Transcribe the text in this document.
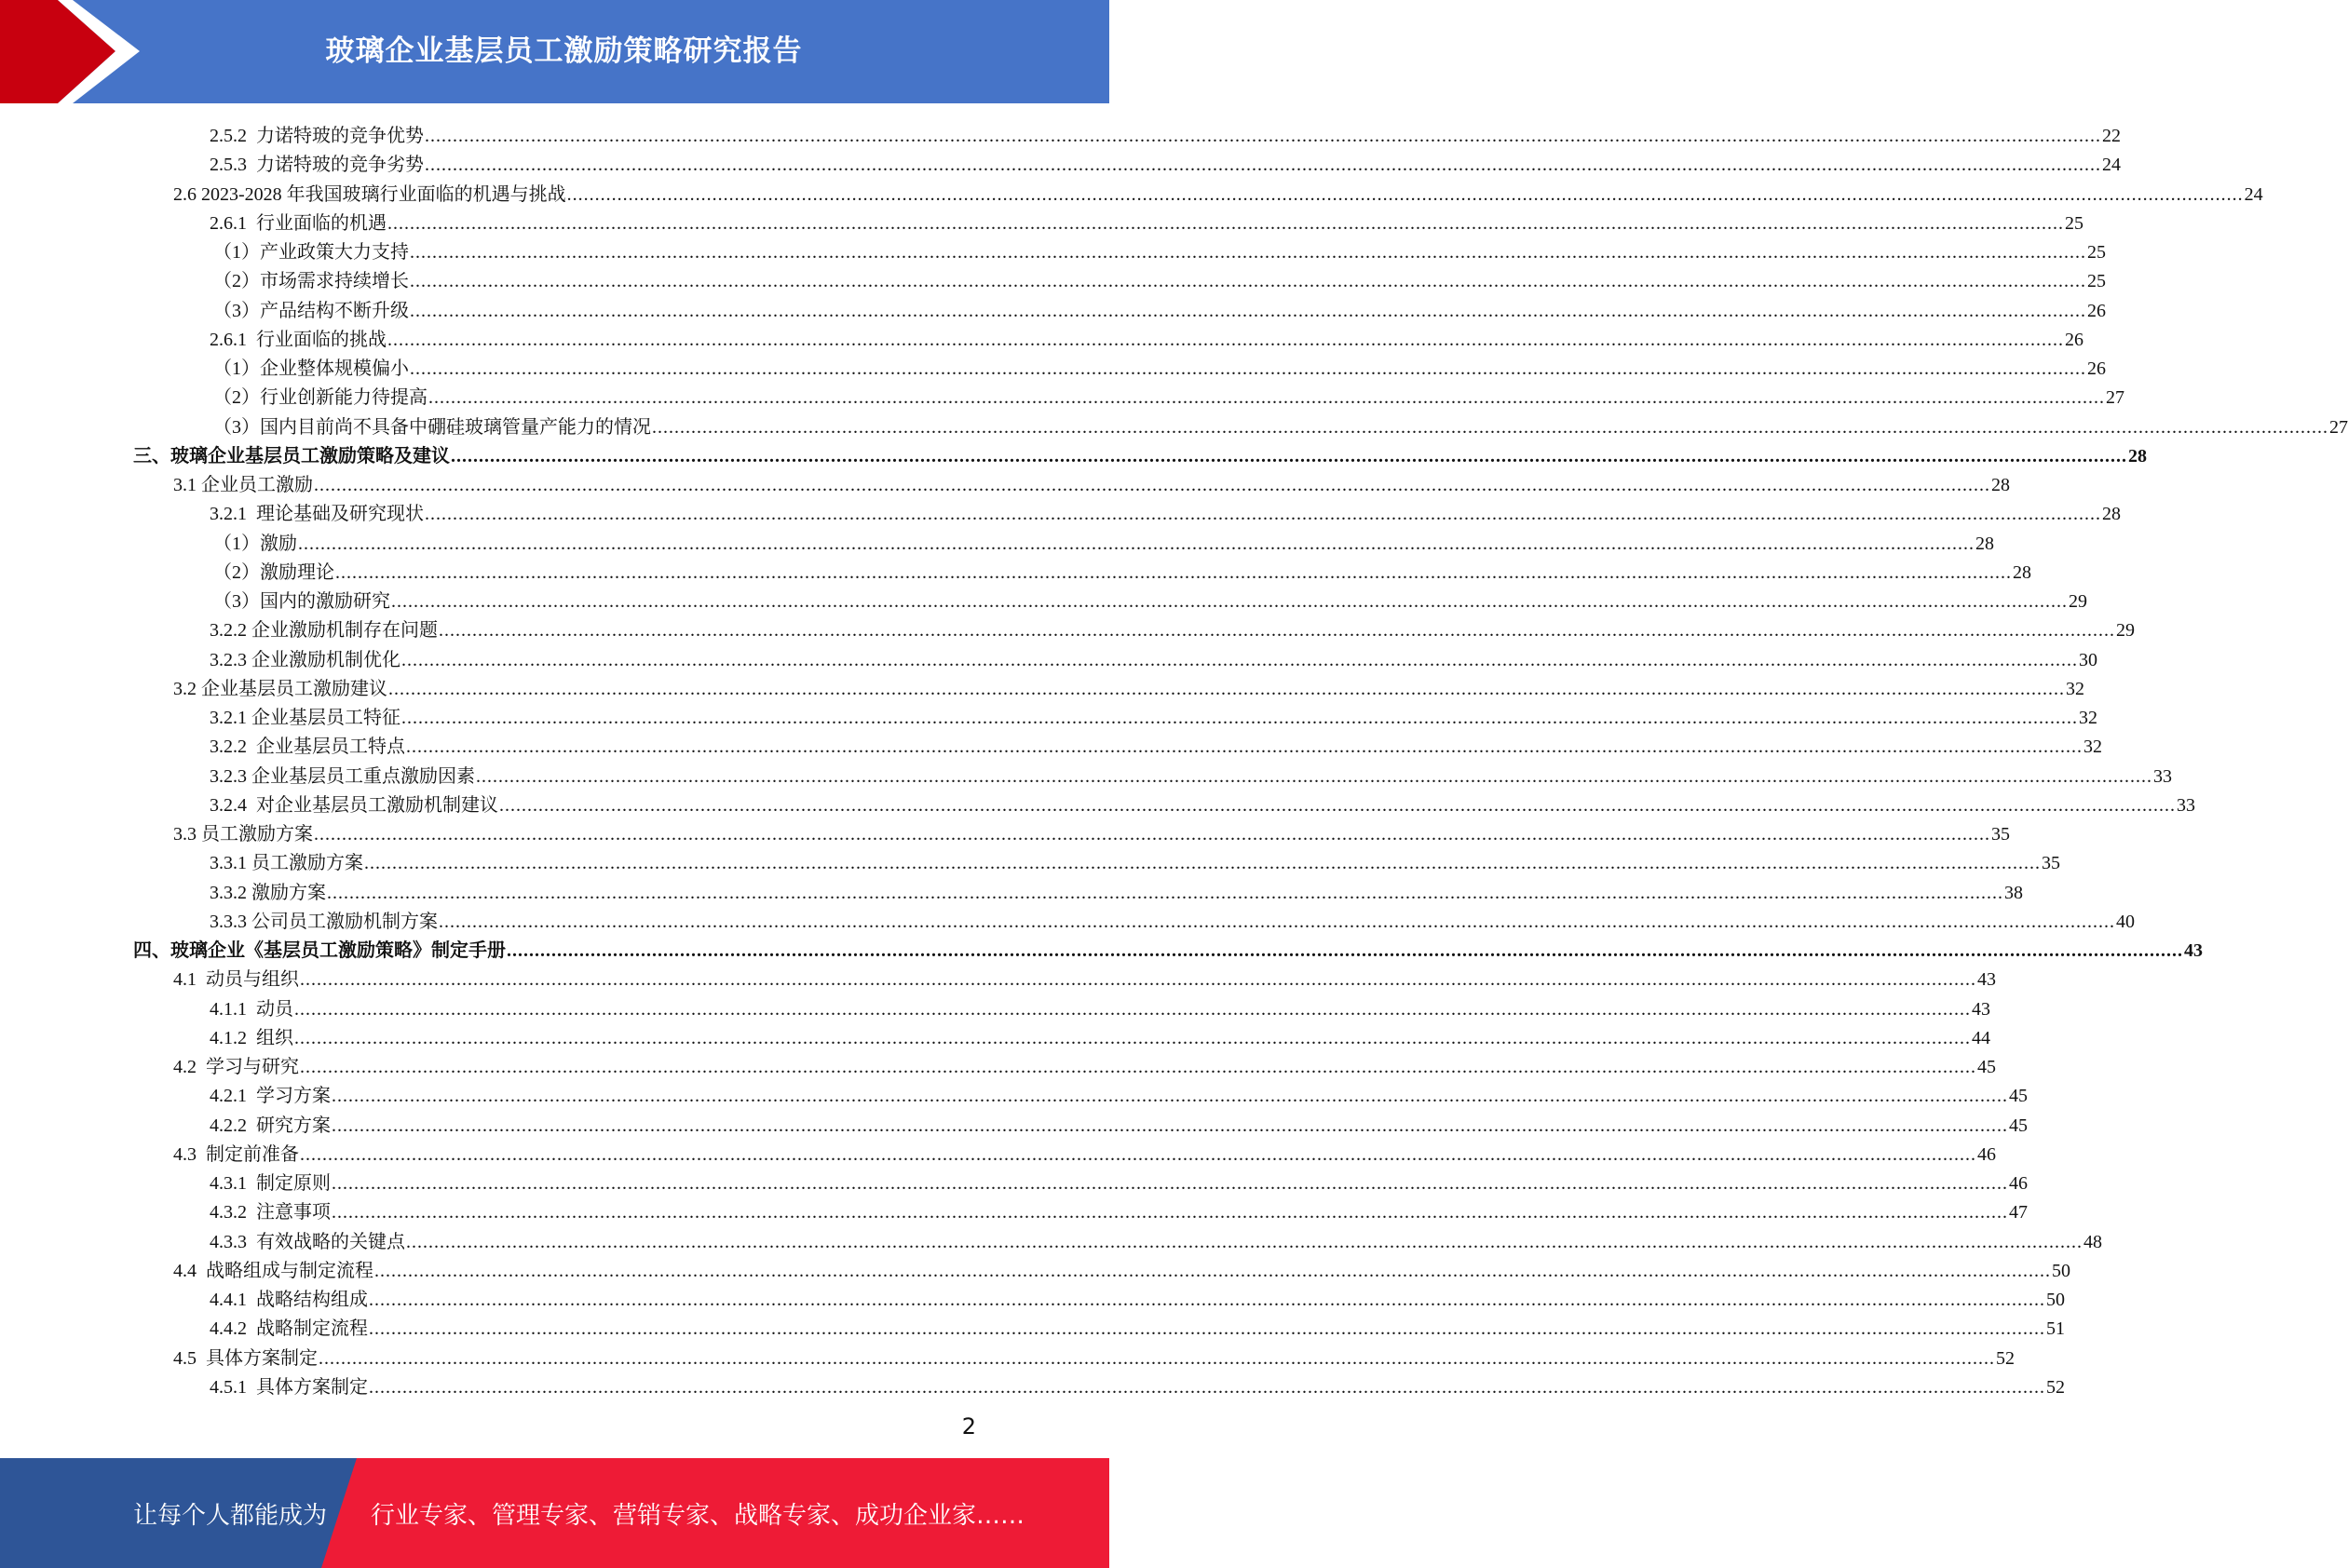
玻璃企业基层员工激励策略研究报告
2.5.2  力诺特玻的竞争优势 ............................................................................................................................................................................................................................................................................................................ 22
2.5.3  力诺特玻的竞争劣势 ............................................................................................................................................................................................................................................................................................................ 24
2.6 2023-2028 年我国玻璃行业面临的机遇与挑战 ............................................................................................................................................................................................................................................................................................................ 24
2.6.1  行业面临的机遇 ............................................................................................................................................................................................................................................................................................................ 25
（1）产业政策大力支持 ............................................................................................................................................................................................................................................................................................................ 25
（2）市场需求持续增长 ............................................................................................................................................................................................................................................................................................................ 25
（3）产品结构不断升级 ............................................................................................................................................................................................................................................................................................................ 26
2.6.1  行业面临的挑战 ............................................................................................................................................................................................................................................................................................................ 26
（1）企业整体规模偏小 ............................................................................................................................................................................................................................................................................................................ 26
（2）行业创新能力待提高 ............................................................................................................................................................................................................................................................................................................ 27
（3）国内目前尚不具备中硼硅玻璃管量产能力的情况 ............................................................................................................................................................................................................................................................................................................ 27
三、玻璃企业基层员工激励策略及建议 ............................................................................................................................................................................................................................................................................................................ 28
3.1 企业员工激励 ............................................................................................................................................................................................................................................................................................................ 28
3.2.1  理论基础及研究现状 ............................................................................................................................................................................................................................................................................................................ 28
（1）激励 ............................................................................................................................................................................................................................................................................................................ 28
（2）激励理论 ............................................................................................................................................................................................................................................................................................................ 28
（3）国内的激励研究 ............................................................................................................................................................................................................................................................................................................ 29
3.2.2 企业激励机制存在问题 ............................................................................................................................................................................................................................................................................................................ 29
3.2.3 企业激励机制优化 ............................................................................................................................................................................................................................................................................................................ 30
3.2 企业基层员工激励建议 ............................................................................................................................................................................................................................................................................................................ 32
3.2.1 企业基层员工特征 ............................................................................................................................................................................................................................................................................................................ 32
3.2.2  企业基层员工特点 ............................................................................................................................................................................................................................................................................................................ 32
3.2.3 企业基层员工重点激励因素 ............................................................................................................................................................................................................................................................................................................ 33
3.2.4  对企业基层员工激励机制建议 ............................................................................................................................................................................................................................................................................................................ 33
3.3 员工激励方案 ............................................................................................................................................................................................................................................................................................................ 35
3.3.1 员工激励方案 ............................................................................................................................................................................................................................................................................................................ 35
3.3.2 激励方案 ............................................................................................................................................................................................................................................................................................................ 38
3.3.3 公司员工激励机制方案 ............................................................................................................................................................................................................................................................................................................ 40
四、玻璃企业《基层员工激励策略》制定手册 ............................................................................................................................................................................................................................................................................................................ 43
4.1  动员与组织 ............................................................................................................................................................................................................................................................................................................ 43
4.1.1  动员 ............................................................................................................................................................................................................................................................................................................ 43
4.1.2  组织 ............................................................................................................................................................................................................................................................................................................ 44
4.2  学习与研究 ............................................................................................................................................................................................................................................................................................................ 45
4.2.1  学习方案 ............................................................................................................................................................................................................................................................................................................ 45
4.2.2  研究方案 ............................................................................................................................................................................................................................................................................................................ 45
4.3  制定前准备 ............................................................................................................................................................................................................................................................................................................ 46
4.3.1  制定原则 ............................................................................................................................................................................................................................................................................................................ 46
4.3.2  注意事项 ............................................................................................................................................................................................................................................................................................................ 47
4.3.3  有效战略的关键点 ............................................................................................................................................................................................................................................................................................................ 48
4.4  战略组成与制定流程 ............................................................................................................................................................................................................................................................................................................ 50
4.4.1  战略结构组成 ............................................................................................................................................................................................................................................................................................................ 50
4.4.2  战略制定流程 ............................................................................................................................................................................................................................................................................................................ 51
4.5  具体方案制定 ............................................................................................................................................................................................................................................................................................................ 52
4.5.1  具体方案制定 ............................................................................................................................................................................................................................................................................................................ 52
2
让每个人都能成为 行业专家、管理专家、营销专家、战略专家、成功企业家……
